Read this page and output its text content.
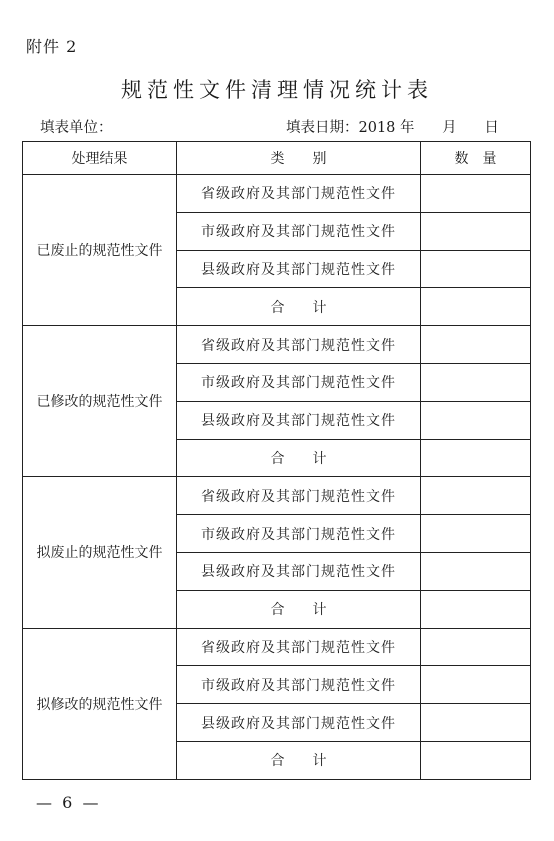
附件 2
规范性文件清理情况统计表
填表单位：	填表日期：2018 年      月      日
处理结果	类　　别	数　量
已废止的规范性文件	省级政府及其部门规范性文件	
	市级政府及其部门规范性文件	
	县级政府及其部门规范性文件	
	合　　计	
已修改的规范性文件	省级政府及其部门规范性文件	
	市级政府及其部门规范性文件	
	县级政府及其部门规范性文件	
	合　　计	
拟废止的规范性文件	省级政府及其部门规范性文件	
	市级政府及其部门规范性文件	
	县级政府及其部门规范性文件	
	合　　计	
拟修改的规范性文件	省级政府及其部门规范性文件	
	市级政府及其部门规范性文件	
	县级政府及其部门规范性文件	
	合　　计	
—  6  —
